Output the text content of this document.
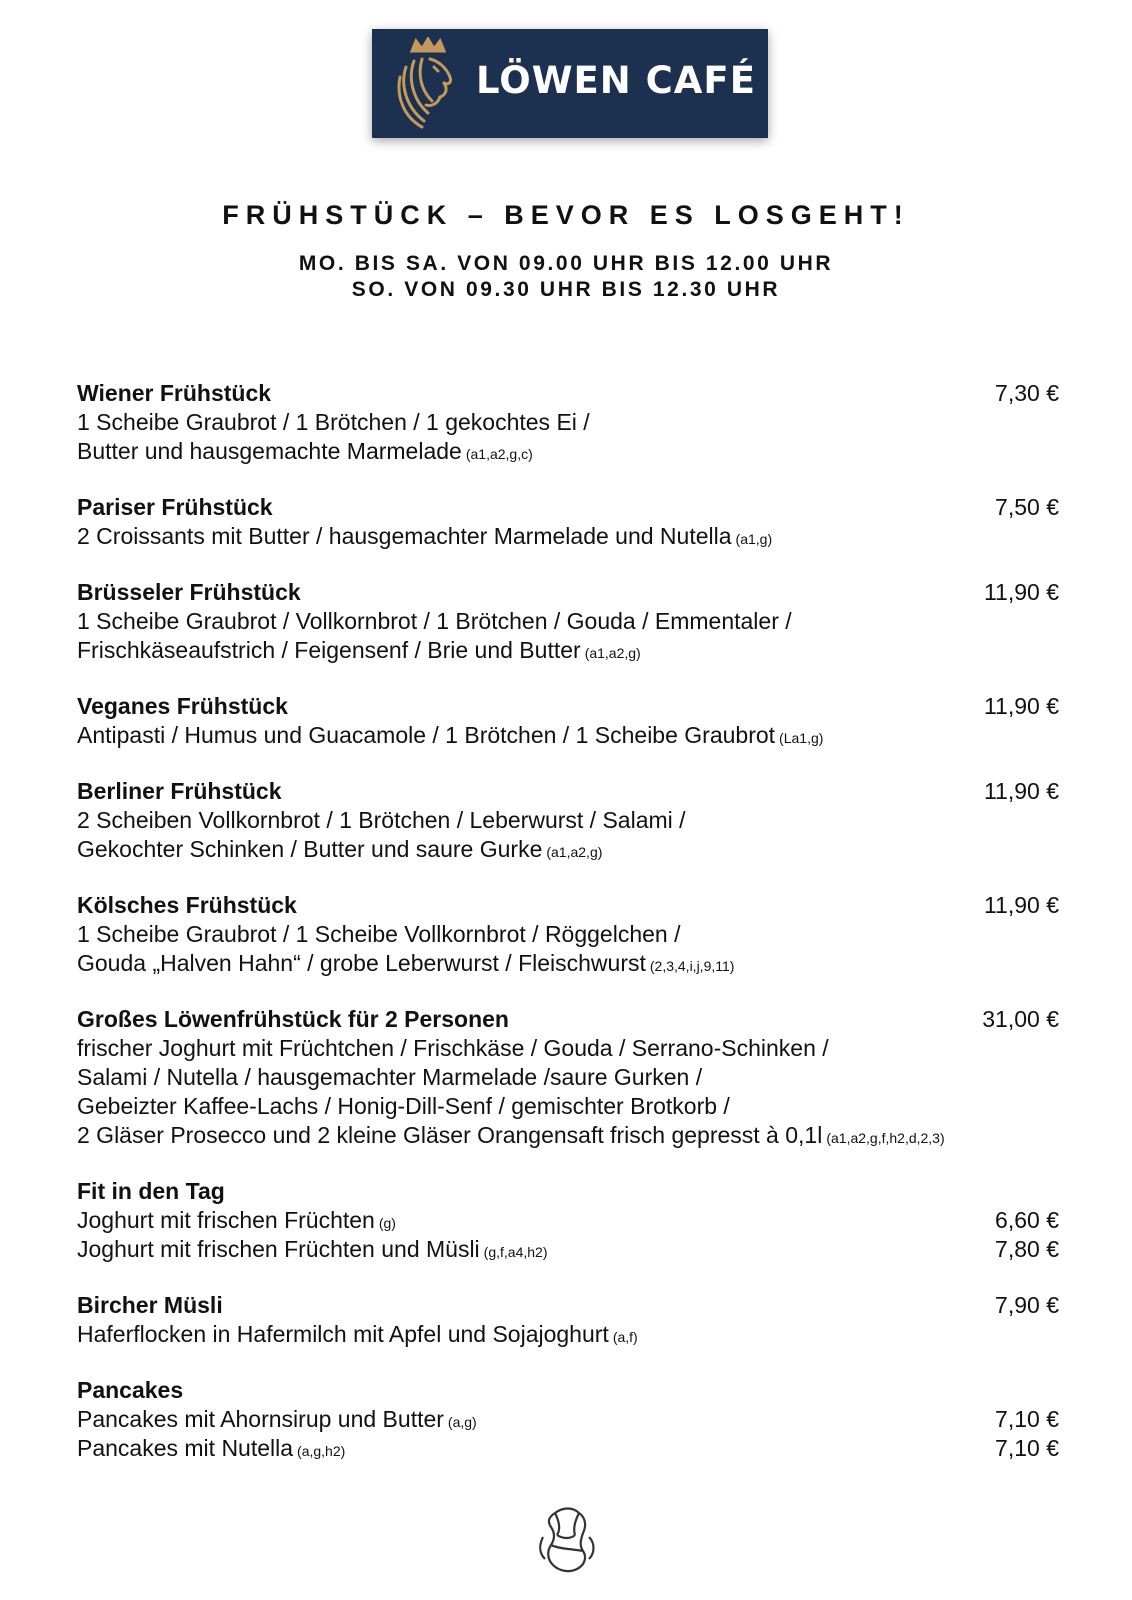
LÖWEN CAFÉ
FRÜHSTÜCK – BEVOR ES LOSGEHT!
MO. BIS SA. VON 09.00 UHR BIS 12.00 UHR
SO. VON 09.30 UHR BIS 12.30 UHR
Wiener Frühstück	7,30 €
1 Scheibe Graubrot / 1 Brötchen / 1 gekochtes Ei /
Butter und hausgemachte Marmelade (a1,a2,g,c)
Pariser Frühstück	7,50 €
2 Croissants mit Butter / hausgemachter Marmelade und Nutella (a1,g)
Brüsseler Frühstück	11,90 €
1 Scheibe Graubrot / Vollkornbrot / 1 Brötchen / Gouda / Emmentaler /
Frischkäseaufstrich / Feigensenf / Brie und Butter (a1,a2,g)
Veganes Frühstück	11,90 €
Antipasti / Humus und Guacamole / 1 Brötchen / 1 Scheibe Graubrot (La1,g)
Berliner Frühstück	11,90 €
2 Scheiben Vollkornbrot / 1 Brötchen / Leberwurst / Salami /
Gekochter Schinken / Butter und saure Gurke (a1,a2,g)
Kölsches Frühstück	11,90 €
1 Scheibe Graubrot / 1 Scheibe Vollkornbrot / Röggelchen /
Gouda „Halven Hahn“ / grobe Leberwurst / Fleischwurst (2,3,4,i,j,9,11)
Großes Löwenfrühstück für 2 Personen	31,00 €
frischer Joghurt mit Früchtchen / Frischkäse / Gouda / Serrano-Schinken /
Salami / Nutella / hausgemachter Marmelade /saure Gurken /
Gebeizter Kaffee-Lachs / Honig-Dill-Senf / gemischter Brotkorb /
2 Gläser Prosecco und 2 kleine Gläser Orangensaft frisch gepresst à 0,1l (a1,a2,g,f,h2,d,2,3)
Fit in den Tag
Joghurt mit frischen Früchten (g)	6,60 €
Joghurt mit frischen Früchten und Müsli (g,f,a4,h2)	7,80 €
Bircher Müsli	7,90 €
Haferflocken in Hafermilch mit Apfel und Sojajoghurt (a,f)
Pancakes
Pancakes mit Ahornsirup und Butter (a,g)	7,10 €
Pancakes mit Nutella (a,g,h2)	7,10 €
